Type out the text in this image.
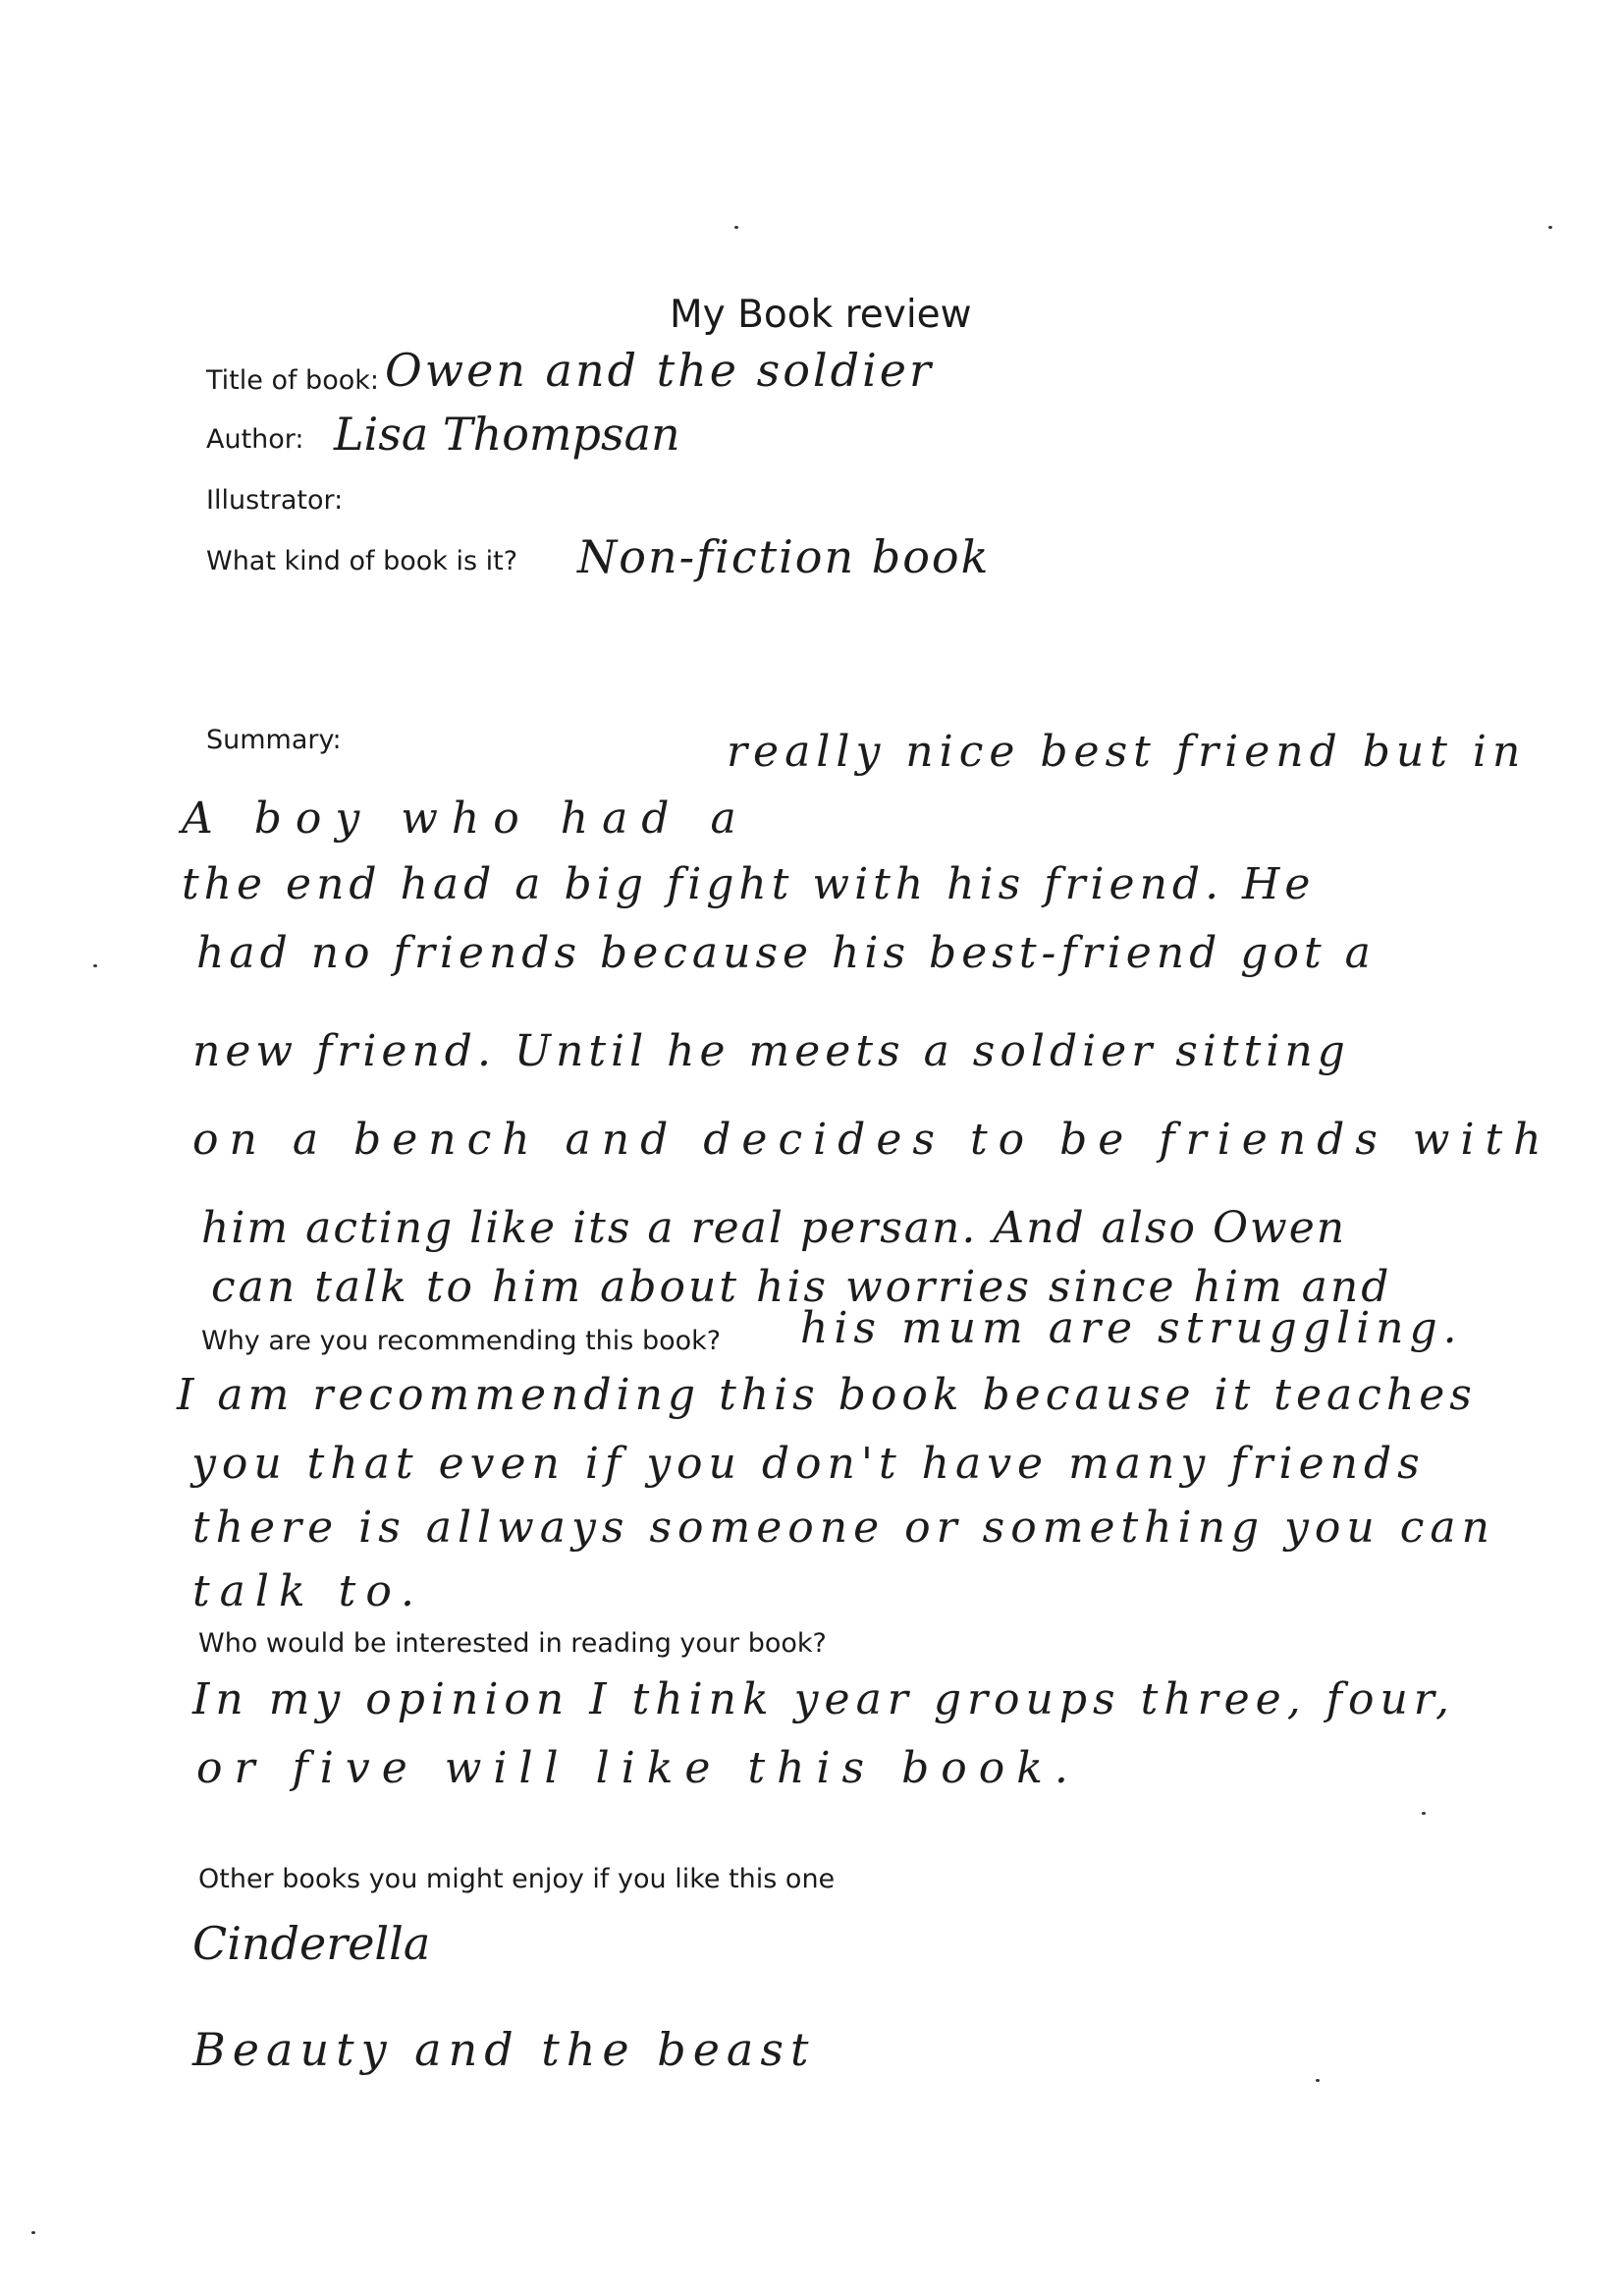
My Book review
Title of book: Owen and the soldier
Author: Lisa Thompsan
Illustrator:
What kind of book is it? Non-fiction book
Summary:	really nice best friend but in
A boy who had a
the end had a big fight with his friend. He
had no friends because his best-friend got a
new friend. Until he meets a soldier sitting
on a bench and decides to be friends with
him acting like its a real persan. And also Owen
can talk to him about his worries since him and
his mum are struggling.
Why are you recommending this book?
I am recommending this book because it teaches
you that even if you don't have many friends
there is allways someone or something you can
talk to.
Who would be interested in reading your book?
In my opinion I think year groups three, four,
or five will like this book.
Other books you might enjoy if you like this one
Cinderella
Beauty and the beast
